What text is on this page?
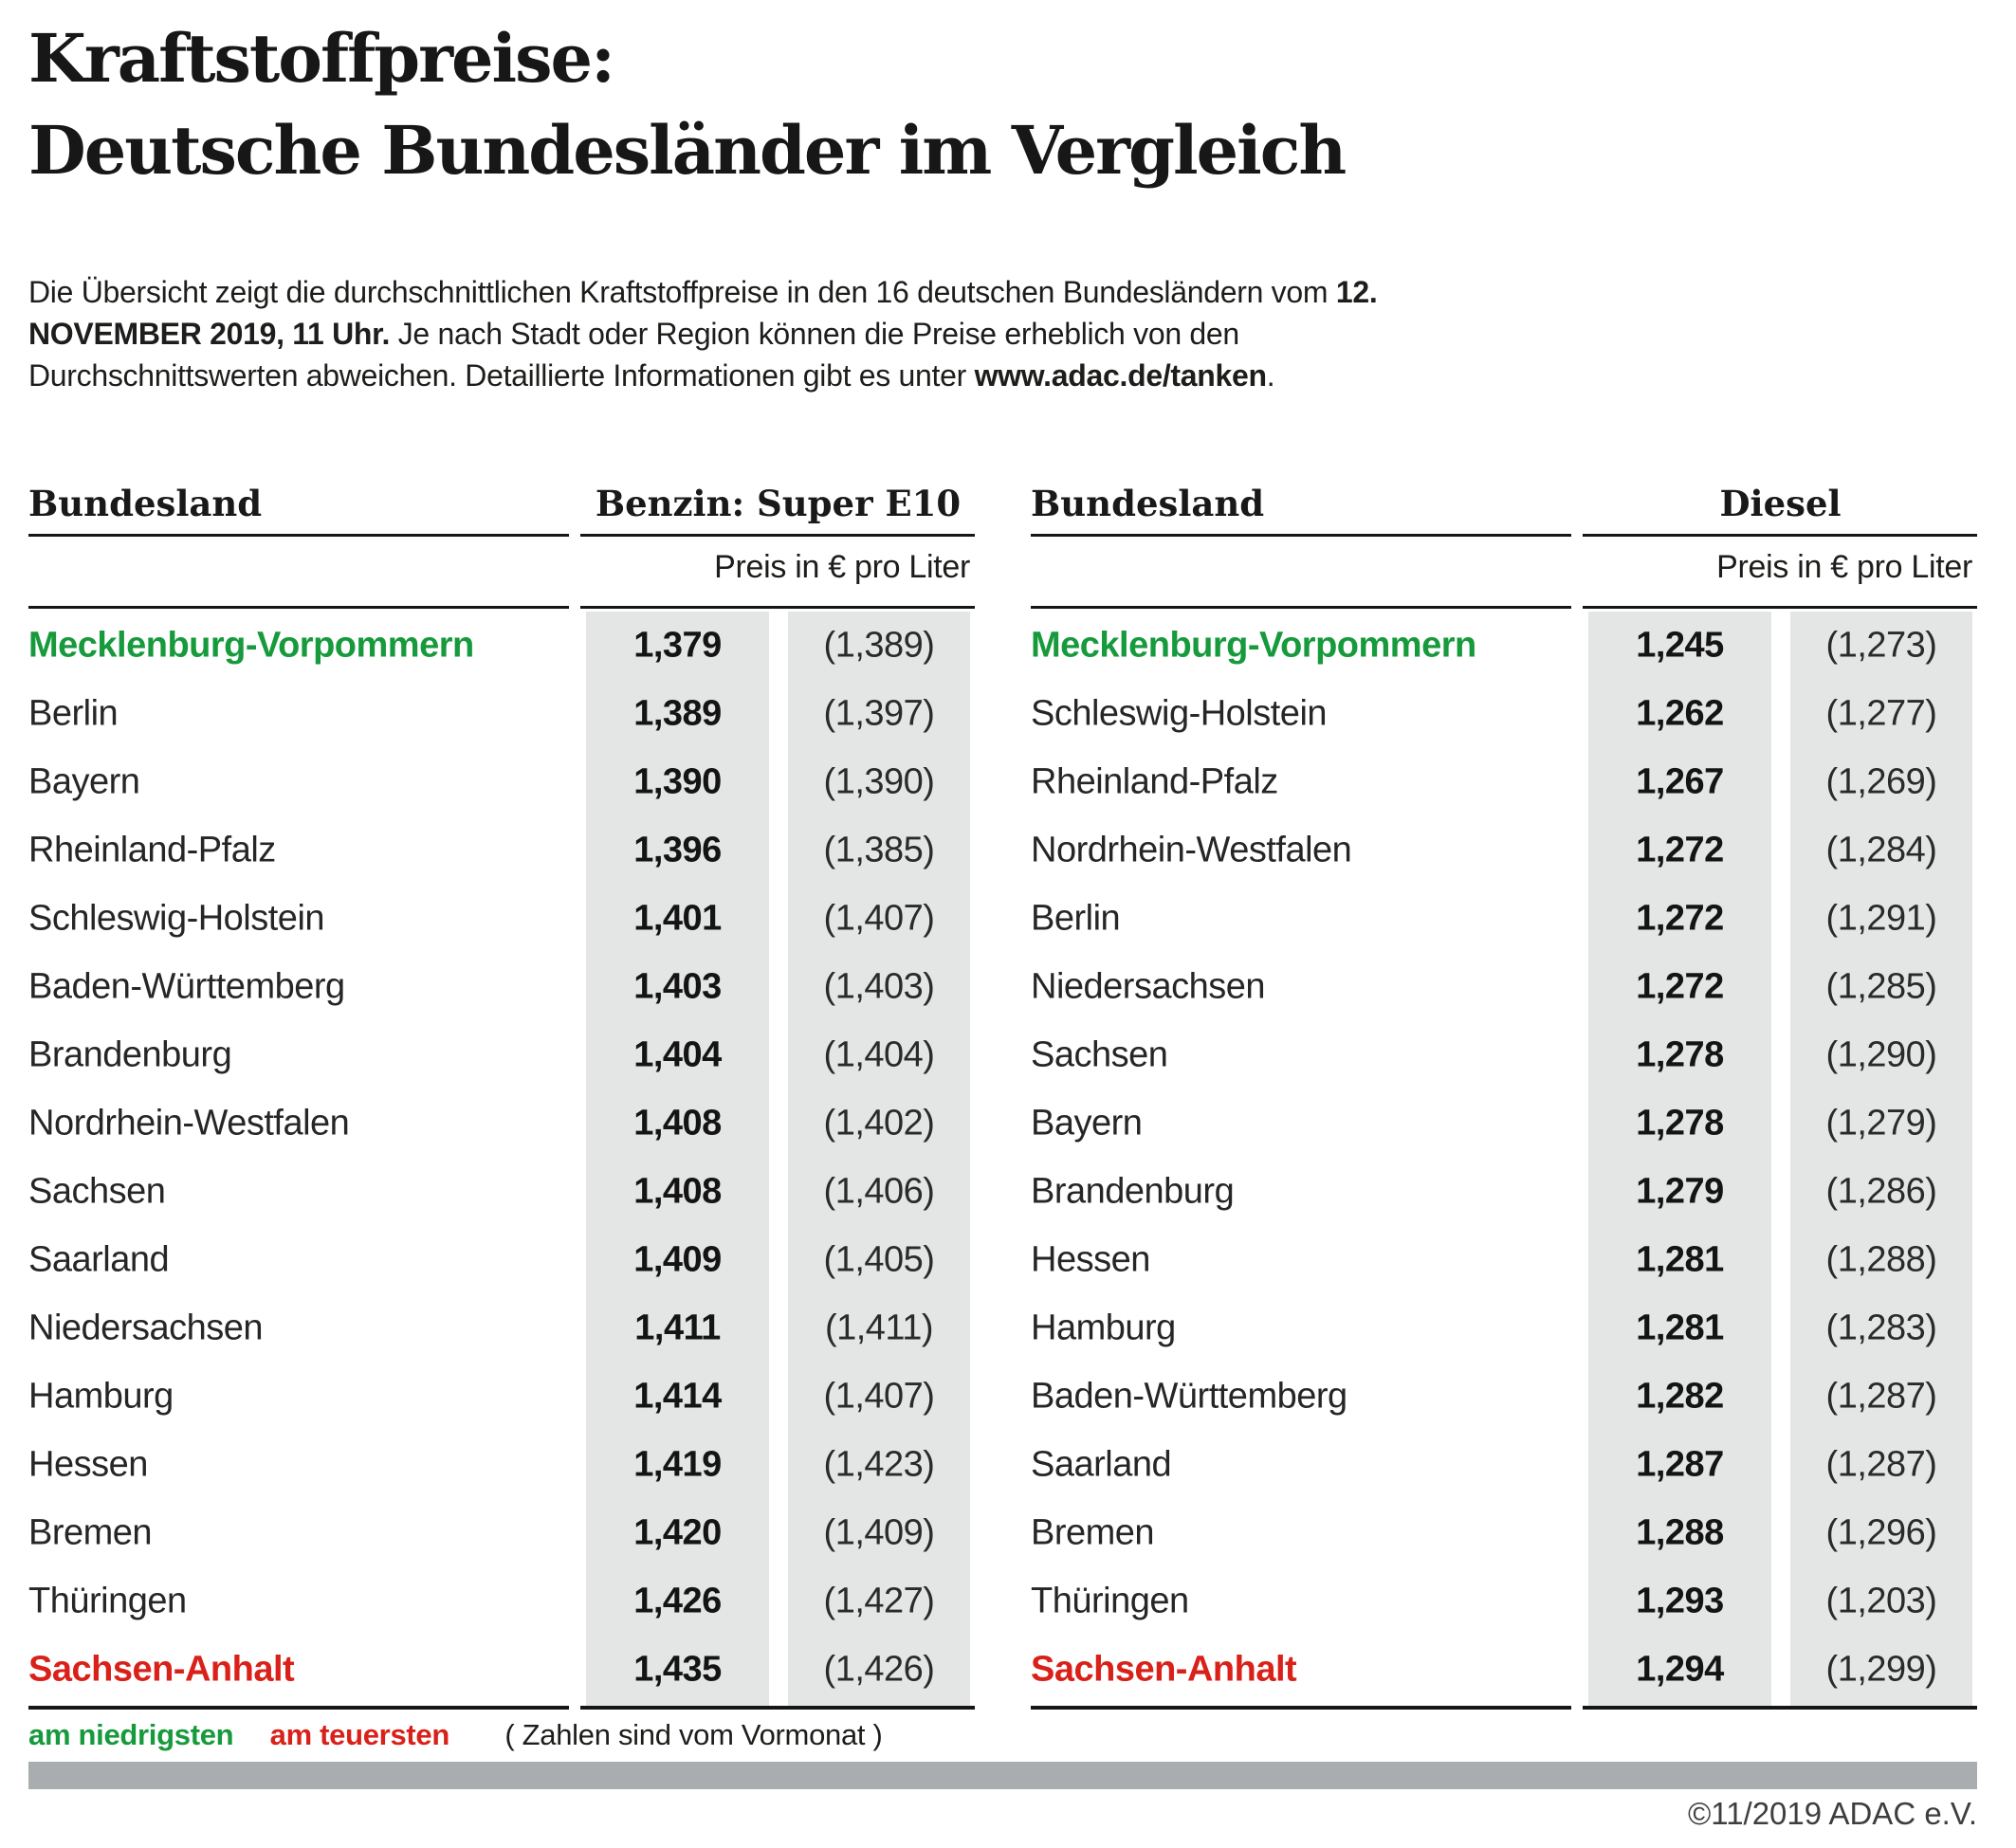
Kraftstoffpreise:
Deutsche Bundesländer im Vergleich

Die Übersicht zeigt die durchschnittlichen Kraftstoffpreise in den 16 deutschen Bundesländern vom 12. NOVEMBER 2019, 11 Uhr. Je nach Stadt oder Region können die Preise erheblich von den Durchschnittswerten abweichen. Detaillierte Informationen gibt es unter www.adac.de/tanken.

Bundesland	Benzin: Super E10
Preis in € pro Liter
Mecklenburg-Vorpommern	1,379	(1,389)
Berlin	1,389	(1,397)
Bayern	1,390	(1,390)
Rheinland-Pfalz	1,396	(1,385)
Schleswig-Holstein	1,401	(1,407)
Baden-Württemberg	1,403	(1,403)
Brandenburg	1,404	(1,404)
Nordrhein-Westfalen	1,408	(1,402)
Sachsen	1,408	(1,406)
Saarland	1,409	(1,405)
Niedersachsen	1,411	(1,411)
Hamburg	1,414	(1,407)
Hessen	1,419	(1,423)
Bremen	1,420	(1,409)
Thüringen	1,426	(1,427)
Sachsen-Anhalt	1,435	(1,426)
Bundesland	Diesel
Preis in € pro Liter
Mecklenburg-Vorpommern	1,245	(1,273)
Schleswig-Holstein	1,262	(1,277)
Rheinland-Pfalz	1,267	(1,269)
Nordrhein-Westfalen	1,272	(1,284)
Berlin	1,272	(1,291)
Niedersachsen	1,272	(1,285)
Sachsen	1,278	(1,290)
Bayern	1,278	(1,279)
Brandenburg	1,279	(1,286)
Hessen	1,281	(1,288)
Hamburg	1,281	(1,283)
Baden-Württemberg	1,282	(1,287)
Saarland	1,287	(1,287)
Bremen	1,288	(1,296)
Thüringen	1,293	(1,203)
Sachsen-Anhalt	1,294	(1,299)
am niedrigsten am teuersten ( Zahlen sind vom Vormonat )
©11/2019 ADAC e.V.
